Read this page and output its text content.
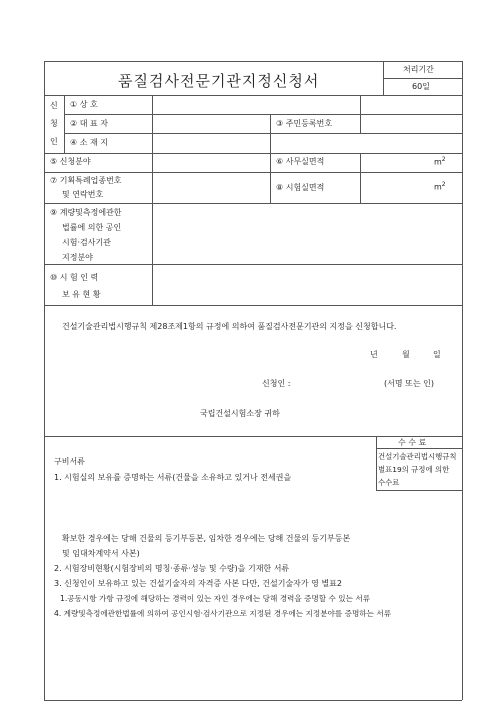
품질검사전문기관지정신청서
처리기간
60일
신
청
인
① 상 호
② 대 표 자	③ 주민등록번호
④ 소 재 지
⑤ 신청분야	⑥ 사무실면적	$m^2$
⑦ 기획특례업종번호
및 연락번호
⑧ 시험실면적	$m^2$
⑨ 계량및측정에관한
법률에 의한 공인
시험·검사기관
지정분야
⑩ 시 험 인 력
보 유 현 황
건설기술관리법시행규칙 제28조제1항의 규정에 의하여 품질검사전문기관의 지정을 신청합니다.
년	월	일
신청인 :	(서명 또는 인)
국립건설시험소장 귀하
구비서류
1. 시험실의 보유를 증명하는 서류(건물을 소유하고 있거나 전세권을
확보한 경우에는 당해 건물의 등기부등본, 임차한 경우에는 당해 건물의 등기부등본
및 임대차계약서 사본)
2. 시험장비현황(시험장비의 명칭·종류·성능 및 수량)을 기재한 서류
3. 신청인이 보유하고 있는 건설기술자의 자격증 사본 다만, 건설기술자가 영 별표2
1.공동시항 가항 규정에 해당하는 경력이 있는 자인 경우에는 당해 경력을 증명할 수 있는 서류
4. 계량및측정에관한법률에 의하여 공인시험·검사기관으로 지정된 경우에는 지정분야를 증명하는 서류
수 수 료
건설기술관리법시행규칙
별표19의 규정에 의한
수수료
